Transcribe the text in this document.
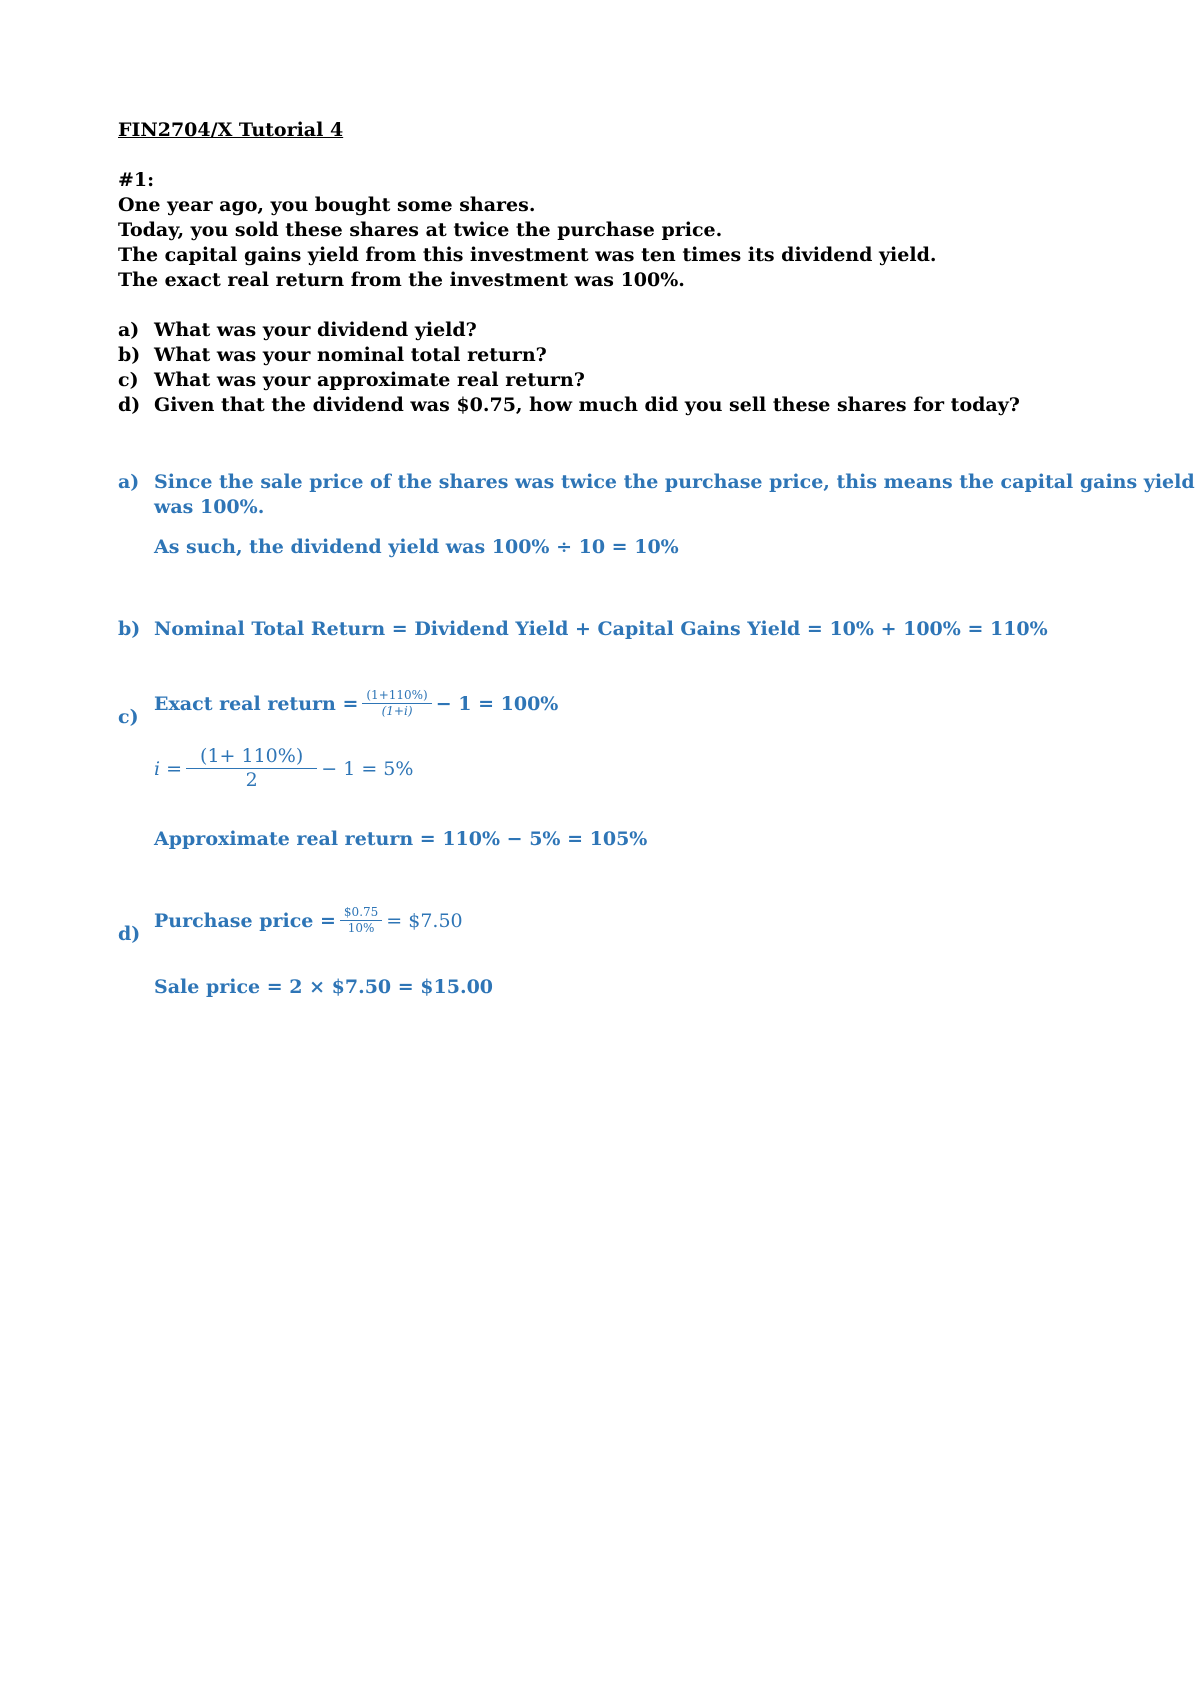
FIN2704/X Tutorial 4
#1:
One year ago, you bought some shares.
Today, you sold these shares at twice the purchase price.
The capital gains yield from this investment was ten times its dividend yield.
The exact real return from the investment was 100%.
a) What was your dividend yield?
b) What was your nominal total return?
c) What was your approximate real return?
d) Given that the dividend was $0.75, how much did you sell these shares for today?
a) Since the sale price of the shares was twice the purchase price, this means the capital gains yield
was 100%.
As such, the dividend yield was 100% ÷ 10 = 10%
b) Nominal Total Return = Dividend Yield + Capital Gains Yield = 10% + 100% = 110%
c)
Exact real return = $\frac{(1+110\%)}{(1+i)} - 1 = 100\%$
$i = \frac{(1+ 110\%)}{2} - 1 = 5\%$
Approximate real return = 110% − 5% = 105%
d)
Purchase price = $\frac{\$0.75}{10\%}$ = $7.50
Sale price = 2 × $7.50 = $15.00
